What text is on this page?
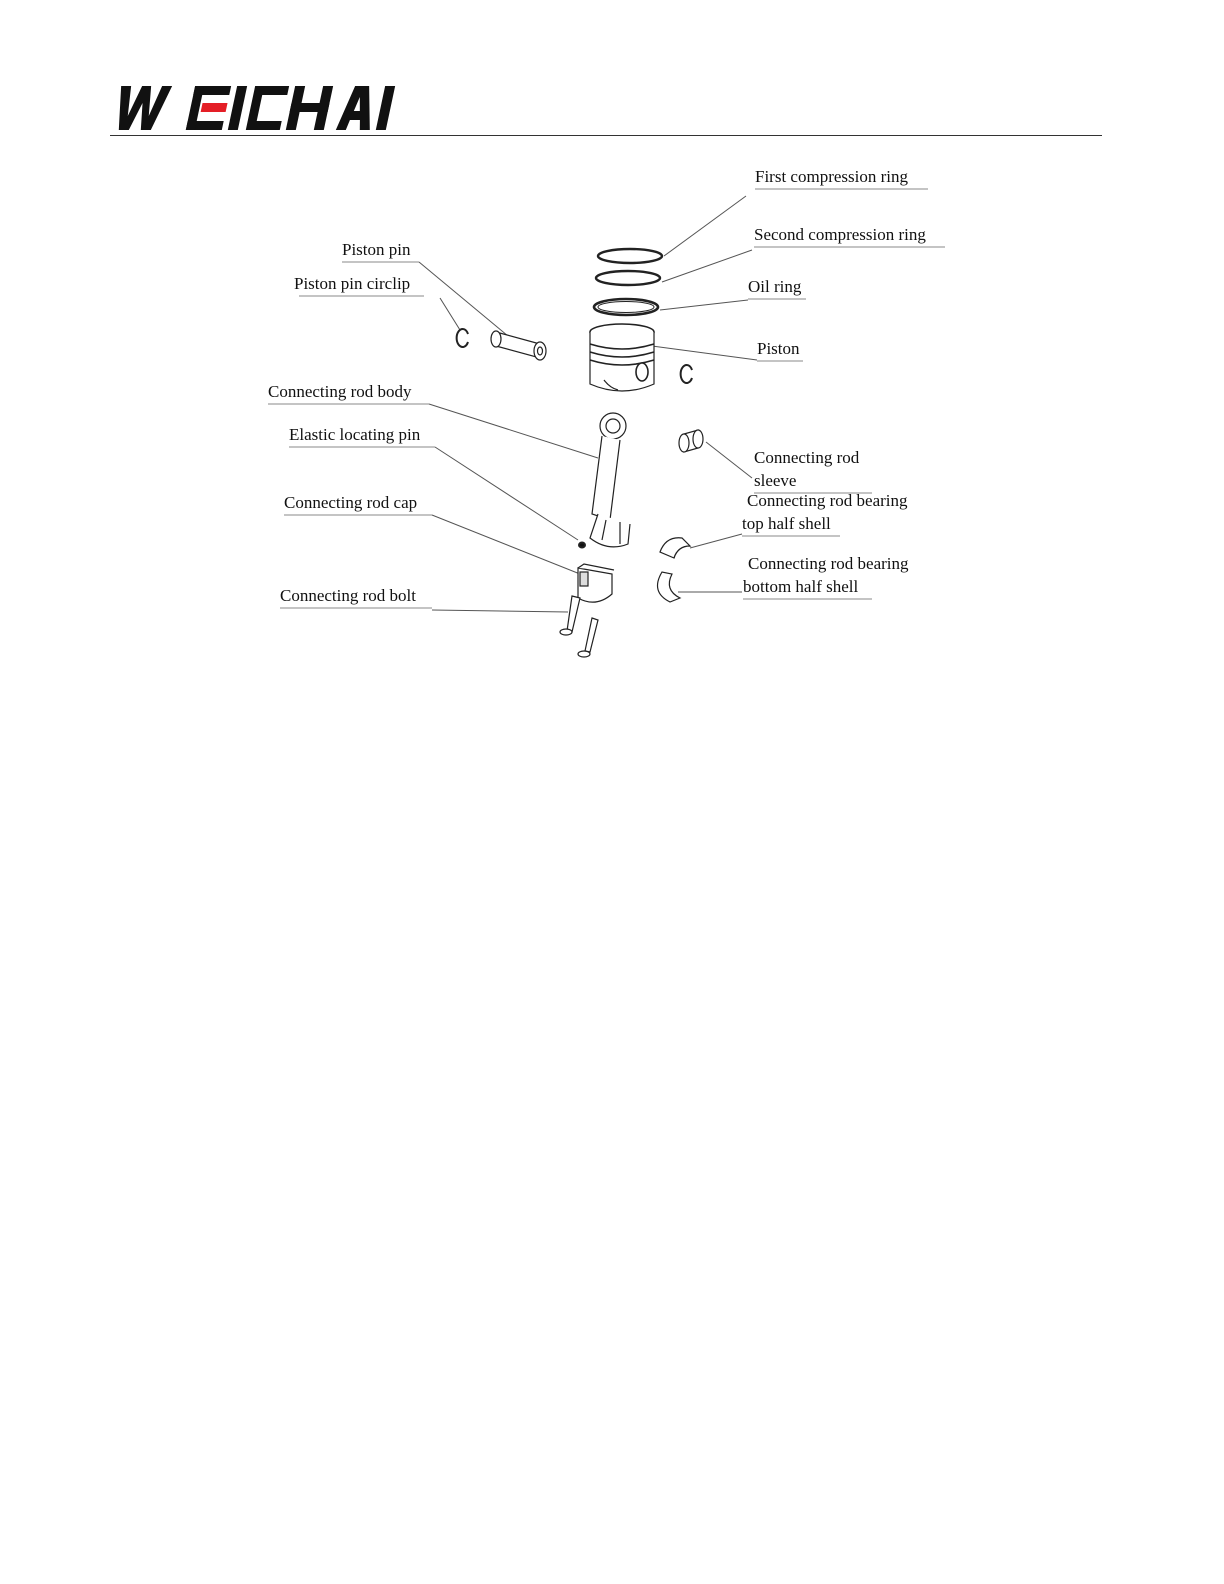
First compression ring
Second compression ring
Oil ring
Piston
Piston pin
Piston pin circlip
Connecting rod body
Elastic locating pin
Connecting rod
sleeve
Connecting rod bearing
top half shell
Connecting rod cap
Connecting rod bearing
bottom half shell
Connecting rod bolt
